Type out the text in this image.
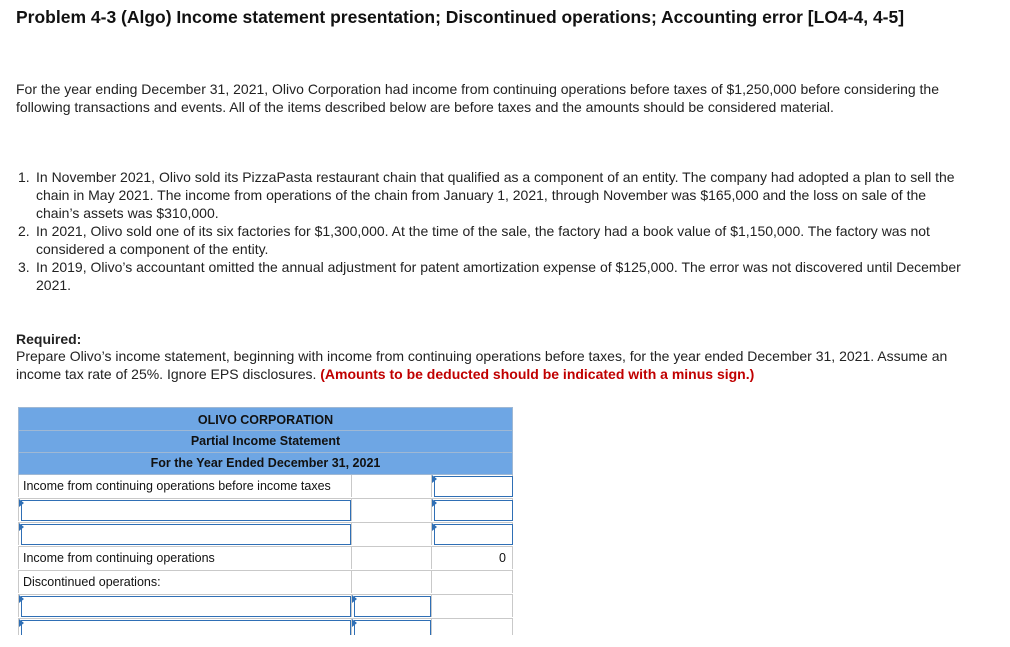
Problem 4-3 (Algo) Income statement presentation; Discontinued operations; Accounting error [LO4-4, 4-5]
For the year ending December 31, 2021, Olivo Corporation had income from continuing operations before taxes of $1,250,000 before considering the following transactions and events. All of the items described below are before taxes and the amounts should be considered material.
1. In November 2021, Olivo sold its PizzaPasta restaurant chain that qualified as a component of an entity. The company had adopted a plan to sell the chain in May 2021. The income from operations of the chain from January 1, 2021, through November was $165,000 and the loss on sale of the chain’s assets was $310,000.
2. In 2021, Olivo sold one of its six factories for $1,300,000. At the time of the sale, the factory had a book value of $1,150,000. The factory was not considered a component of the entity.
3. In 2019, Olivo’s accountant omitted the annual adjustment for patent amortization expense of $125,000. The error was not discovered until December 2021.
Required:
Prepare Olivo’s income statement, beginning with income from continuing operations before taxes, for the year ended December 31, 2021. Assume an income tax rate of 25%. Ignore EPS disclosures. (Amounts to be deducted should be indicated with a minus sign.)
OLIVO CORPORATION
Partial Income Statement
For the Year Ended December 31, 2021
Income from continuing operations before income taxes
Income from continuing operations	0
Discontinued operations:
